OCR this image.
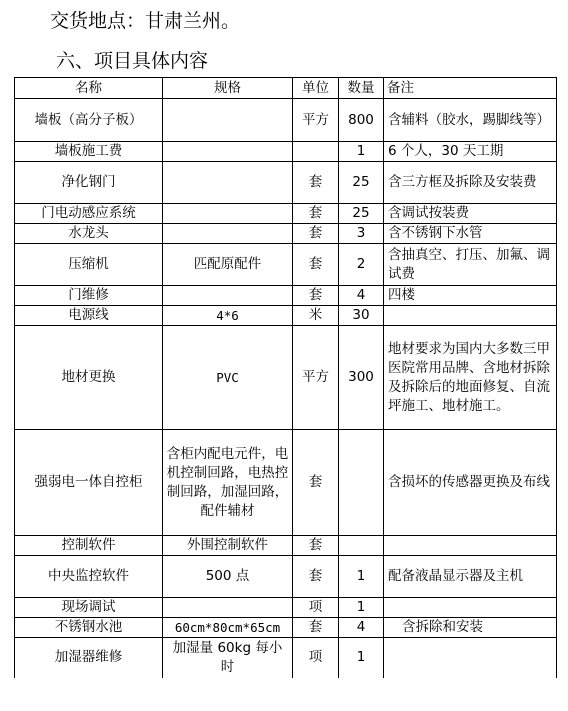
交货地点：甘肃兰州。
六、项目具体内容
名称	规格	单位	数量	备注
墙板（高分子板）		平方	800	含辅料（胶水，踢脚线等）
墙板施工费			1	6 个人，30 天工期
净化钢门		套	25	含三方框及拆除及安装费
门电动感应系统		套	25	含调试按装费
水龙头		套	3	含不锈钢下水管
压缩机	匹配原配件	套	2	含抽真空、打压、加氟、调试费
门维修		套	4	四楼
电源线	4*6	米	30	
地材更换	PVC	平方	300	地材要求为国内大多数三甲医院常用品牌、含地材拆除及拆除后的地面修复、自流坪施工、地材施工。
强弱电一体自控柜	含柜内配电元件，电机控制回路，电热控制回路，加湿回路，配件辅材	套		含损坏的传感器更换及布线
控制软件	外围控制软件	套		
中央监控软件	500 点	套	1	配备液晶显示器及主机
现场调试		项	1	
不锈钢水池	60cm*80cm*65cm	套	4	含拆除和安装
加湿器维修	加湿量 60kg 每小时	项	1	
